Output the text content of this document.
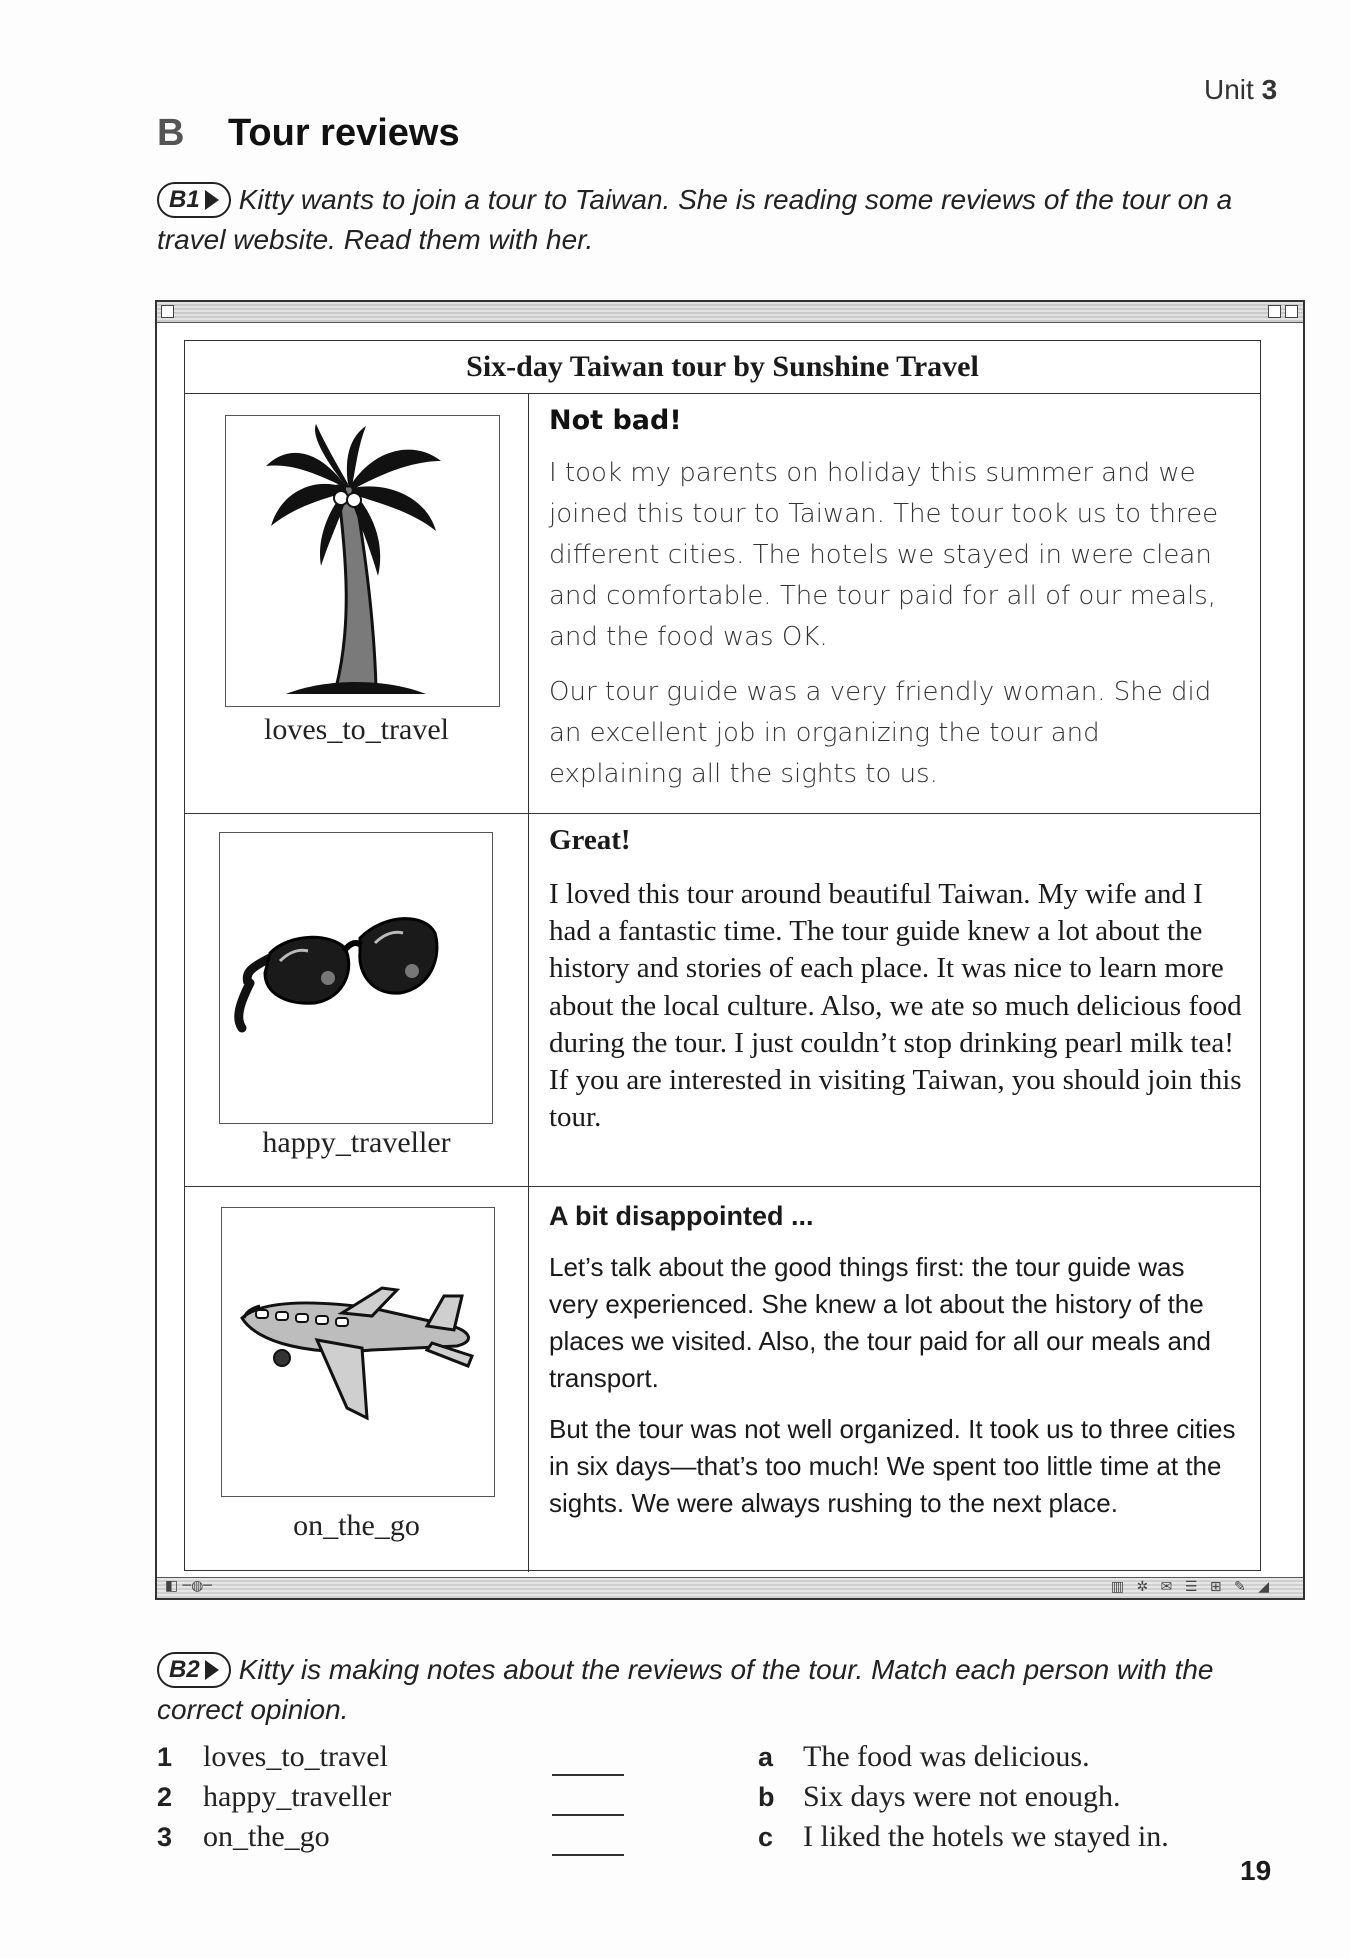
Unit 3
B Tour reviews
B1 Kitty wants to join a tour to Taiwan. She is reading some reviews of the tour on a travel website. Read them with her.
Six-day Taiwan tour by Sunshine Travel
loves_to_travel
Not bad!

I took my parents on holiday this summer and we joined this tour to Taiwan. The tour took us to three different cities. The hotels we stayed in were clean and comfortable. The tour paid for all of our meals, and the food was OK.

Our tour guide was a very friendly woman. She did an excellent job in organizing the tour and explaining all the sights to us.

happy_traveller
Great!

I loved this tour around beautiful Taiwan. My wife and I had a fantastic time. The tour guide knew a lot about the history and stories of each place. It was nice to learn more about the local culture. Also, we ate so much delicious food during the tour. I just couldn’t stop drinking pearl milk tea! If you are interested in visiting Taiwan, you should join this tour.

on_the_go
A bit disappointed ...

Let’s talk about the good things first: the tour guide was very experienced. She knew a lot about the history of the places we visited. Also, the tour paid for all our meals and transport.

But the tour was not well organized. It took us to three cities in six days—that’s too much! We spent too little time at the sights. We were always rushing to the next place.

◧ ─◍─	▥ ✲ ✉ ☰ ⊞ ✎ ◢
B2 Kitty is making notes about the reviews of the tour. Match each person with the correct opinion.
1 loves_to_travel
2 happy_traveller
3 on_the_go
a The food was delicious.
b Six days were not enough.
c I liked the hotels we stayed in.
19
